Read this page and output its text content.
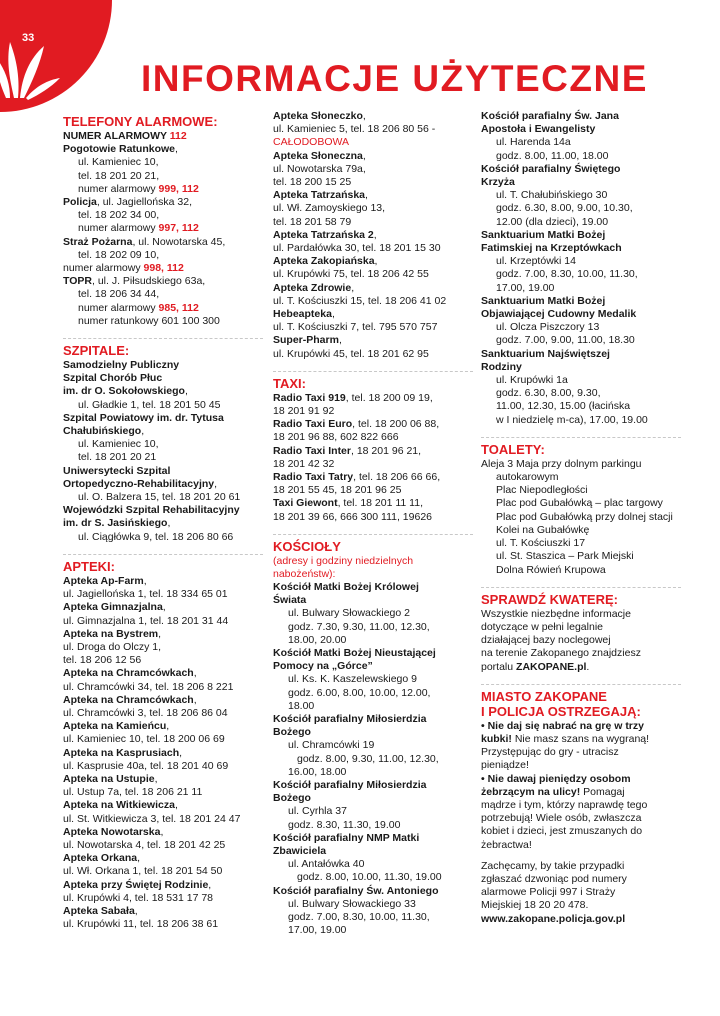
33
INFORMACJE UŻYTECZNE
TELEFONY ALARMOWE:
NUMER ALARMOWY 112
Pogotowie Ratunkowe,
ul. Kamieniec 10,
tel. 18 201 20 21,
numer alarmowy 999, 112
Policja, ul. Jagiellońska 32,
tel. 18 202 34 00,
numer alarmowy 997, 112
Straż Pożarna, ul. Nowotarska 45,
tel. 18 202 09 10,
numer alarmowy 998, 112
TOPR, ul. J. Piłsudskiego 63a,
tel. 18 206 34 44,
numer alarmowy 985, 112
numer ratunkowy 601 100 300
SZPITALE:
Samodzielny Publiczny
Szpital Chorób Płuc
im. dr O. Sokołowskiego,
ul. Gładkie 1, tel. 18 201 50 45
Szpital Powiatowy im. dr. Tytusa
Chałubińskiego,
ul. Kamieniec 10,
tel. 18 201 20 21
Uniwersytecki Szpital
Ortopedyczno-Rehabilitacyjny,
ul. O. Balzera 15, tel. 18 201 20 61
Wojewódzki Szpital Rehabilitacyjny
im. dr S. Jasińskiego,
ul. Ciągłówka 9, tel. 18 206 80 66
APTEKI:
Apteka Ap-Farm,
ul. Jagiellońska 1, tel. 18 334 65 01
Apteka Gimnazjalna,
ul. Gimnazjalna 1, tel. 18 201 31 44
Apteka na Bystrem,
ul. Droga do Olczy 1,
tel. 18 206 12 56
Apteka na Chramcówkach,
ul. Chramcówki 34, tel. 18 206 8 221
Apteka na Chramcówkach,
ul. Chramcówki 3, tel. 18 206 86 04
Apteka na Kamieńcu,
ul. Kamieniec 10, tel. 18 200 06 69
Apteka na Kasprusiach,
ul. Kasprusie 40a, tel. 18 201 40 69
Apteka na Ustupie,
ul. Ustup 7a, tel. 18 206 21 11
Apteka na Witkiewicza,
ul. St. Witkiewicza 3, tel. 18 201 24 47
Apteka Nowotarska,
ul. Nowotarska 4, tel. 18 201 42 25
Apteka Orkana,
ul. Wł. Orkana 1, tel. 18 201 54 50
Apteka przy Świętej Rodzinie,
ul. Krupówki 4, tel. 18 531 17 78
Apteka Sabała,
ul. Krupówki 11, tel. 18 206 38 61
Apteka Słoneczko,
ul. Kamieniec 5, tel. 18 206 80 56 -
CAŁODOBOWA
Apteka Słoneczna,
ul. Nowotarska 79a,
tel. 18 200 15 25
Apteka Tatrzańska,
ul. Wł. Zamoyskiego 13,
tel. 18 201 58 79
Apteka Tatrzańska 2,
ul. Pardałówka 30, tel. 18 201 15 30
Apteka Zakopiańska,
ul. Krupówki 75, tel. 18 206 42 55
Apteka Zdrowie,
ul. T. Kościuszki 15, tel. 18 206 41 02
Hebeapteka,
ul. T. Kościuszki 7, tel. 795 570 757
Super-Pharm,
ul. Krupówki 45, tel. 18 201 62 95
TAXI:
Radio Taxi 919, tel. 18 200 09 19,
18 201 91 92
Radio Taxi Euro, tel. 18 200 06 88,
18 201 96 88, 602 822 666
Radio Taxi Inter, 18 201 96 21,
18 201 42 32
Radio Taxi Tatry, tel. 18 206 66 66,
18 201 55 45, 18 201 96 25
Taxi Giewont, tel. 18 201 11 11,
18 201 39 66, 666 300 111, 19626
KOŚCIOŁY
(adresy i godziny niedzielnych
nabożeństw):
Kościół Matki Bożej Królowej
Świata
ul. Bulwary Słowackiego 2
godz. 7.30, 9.30, 11.00, 12.30,
18.00, 20.00
Kościół Matki Bożej Nieustającej
Pomocy na „Górce”
ul. Ks. K. Kaszelewskiego 9
godz. 6.00, 8.00, 10.00, 12.00,
18.00
Kościół parafialny Miłosierdzia
Bożego
ul. Chramcówki 19
godz. 8.00, 9.30, 11.00, 12.30,
16.00, 18.00
Kościół parafialny Miłosierdzia
Bożego
ul. Cyrhla 37
godz. 8.30, 11.30, 19.00
Kościół parafialny NMP Matki
Zbawiciela
ul. Antałówka 40
godz. 8.00, 10.00, 11.30, 19.00
Kościół parafialny Św. Antoniego
ul. Bulwary Słowackiego 33
godz. 7.00, 8.30, 10.00, 11.30,
17.00, 19.00
Kościół parafialny Św. Jana
Apostoła i Ewangelisty
ul. Harenda 14a
godz. 8.00, 11.00, 18.00
Kościół parafialny Świętego
Krzyża
ul. T. Chałubińskiego 30
godz. 6.30, 8.00, 9.00, 10.30,
12.00 (dla dzieci), 19.00
Sanktuarium Matki Bożej
Fatimskiej na Krzeptówkach
ul. Krzeptówki 14
godz. 7.00, 8.30, 10.00, 11.30,
17.00, 19.00
Sanktuarium Matki Bożej
Objawiającej Cudowny Medalik
ul. Olcza Piszczory 13
godz. 7.00, 9.00, 11.00, 18.30
Sanktuarium Najświętszej
Rodziny
ul. Krupówki 1a
godz. 6.30, 8.00, 9.30,
11.00, 12.30, 15.00 (łacińska
w I niedzielę m-ca), 17.00, 19.00
TOALETY:
Aleja 3 Maja przy dolnym parkingu
autokarowym
Plac Niepodległości
Plac pod Gubałówką – plac targowy
Plac pod Gubałówką przy dolnej stacji
Kolei na Gubałówkę
ul. T. Kościuszki 17
ul. St. Staszica – Park Miejski
Dolna Rówień Krupowa
SPRAWDŹ KWATERĘ:
Wszystkie niezbędne informacje
dotyczące w pełni legalnie
działającej bazy noclegowej
na terenie Zakopanego znajdziesz
portalu ZAKOPANE.pl.
MIASTO ZAKOPANE
I POLICJA OSTRZEGAJĄ:
• Nie daj się nabrać na grę w trzy
kubki! Nie masz szans na wygraną!
Przystępując do gry - utracisz
pieniądze!
• Nie dawaj pieniędzy osobom
żebrzącym na ulicy! Pomagaj
mądrze i tym, którzy naprawdę tego
potrzebują! Wiele osób, zwłaszcza
kobiet i dzieci, jest zmuszanych do
żebractwa!
Zachęcamy, by takie przypadki
zgłaszać dzwoniąc pod numery
alarmowe Policji 997 i Straży
Miejskiej 18 20 20 478.
www.zakopane.policja.gov.pl
